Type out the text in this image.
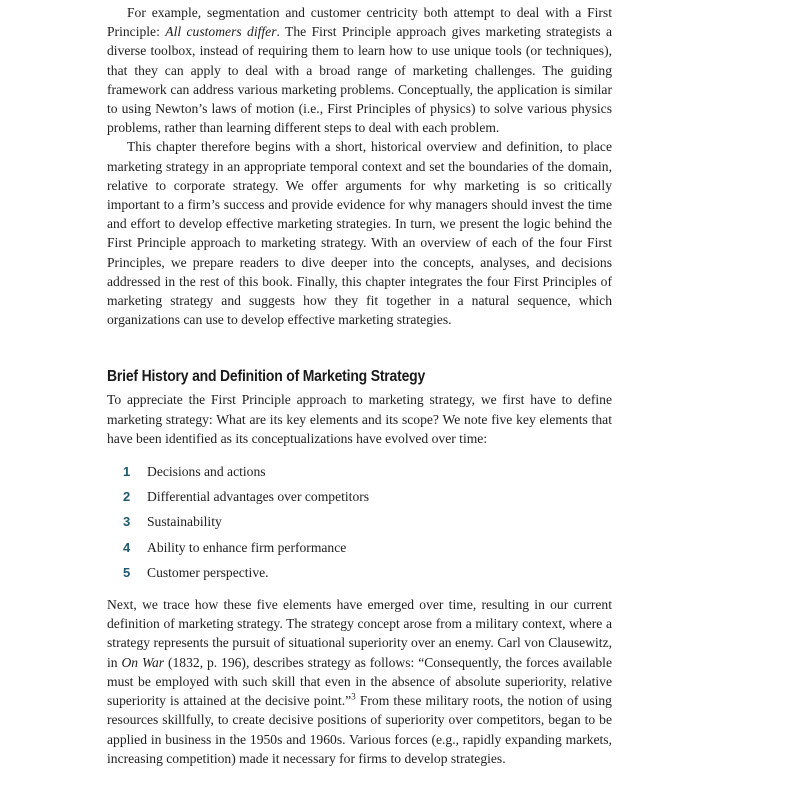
For example, segmentation and customer centricity both attempt to deal with a First Principle: All customers differ. The First Principle approach gives marketing strategists a diverse toolbox, instead of requiring them to learn how to use unique tools (or techniques), that they can apply to deal with a broad range of marketing challenges. The guiding framework can address various marketing problems. Conceptually, the application is similar to using Newton’s laws of motion (i.e., First Principles of physics) to solve various physics problems, rather than learning different steps to deal with each problem.

This chapter therefore begins with a short, historical overview and definition, to place marketing strategy in an appropriate temporal context and set the boundaries of the domain, relative to corporate strategy. We offer arguments for why marketing is so critically important to a firm’s success and provide evidence for why managers should invest the time and effort to develop effective marketing strategies. In turn, we present the logic behind the First Principle approach to marketing strategy. With an overview of each of the four First Principles, we prepare readers to dive deeper into the concepts, analyses, and decisions addressed in the rest of this book. Finally, this chapter integrates the four First Principles of marketing strategy and suggests how they fit together in a natural sequence, which organizations can use to develop effective marketing strategies.

Brief History and Definition of Marketing Strategy

To appreciate the First Principle approach to marketing strategy, we first have to define marketing strategy: What are its key elements and its scope? We note five key elements that have been identified as its conceptualizations have evolved over time:

1	Decisions and actions
2	Differential advantages over competitors
3	Sustainability
4	Ability to enhance firm performance
5	Customer perspective.

Next, we trace how these five elements have emerged over time, resulting in our current definition of marketing strategy. The strategy concept arose from a military context, where a strategy represents the pursuit of situational superiority over an enemy. Carl von Clausewitz, in On War (1832, p. 196), describes strategy as follows: “Consequently, the forces available must be employed with such skill that even in the absence of absolute superiority, relative superiority is attained at the decisive point.”$^3$ From these military roots, the notion of using resources skillfully, to create decisive positions of superiority over competitors, began to be applied in business in the 1950s and 1960s. Various forces (e.g., rapidly expanding markets, increasing competition) made it necessary for firms to develop strategies.
